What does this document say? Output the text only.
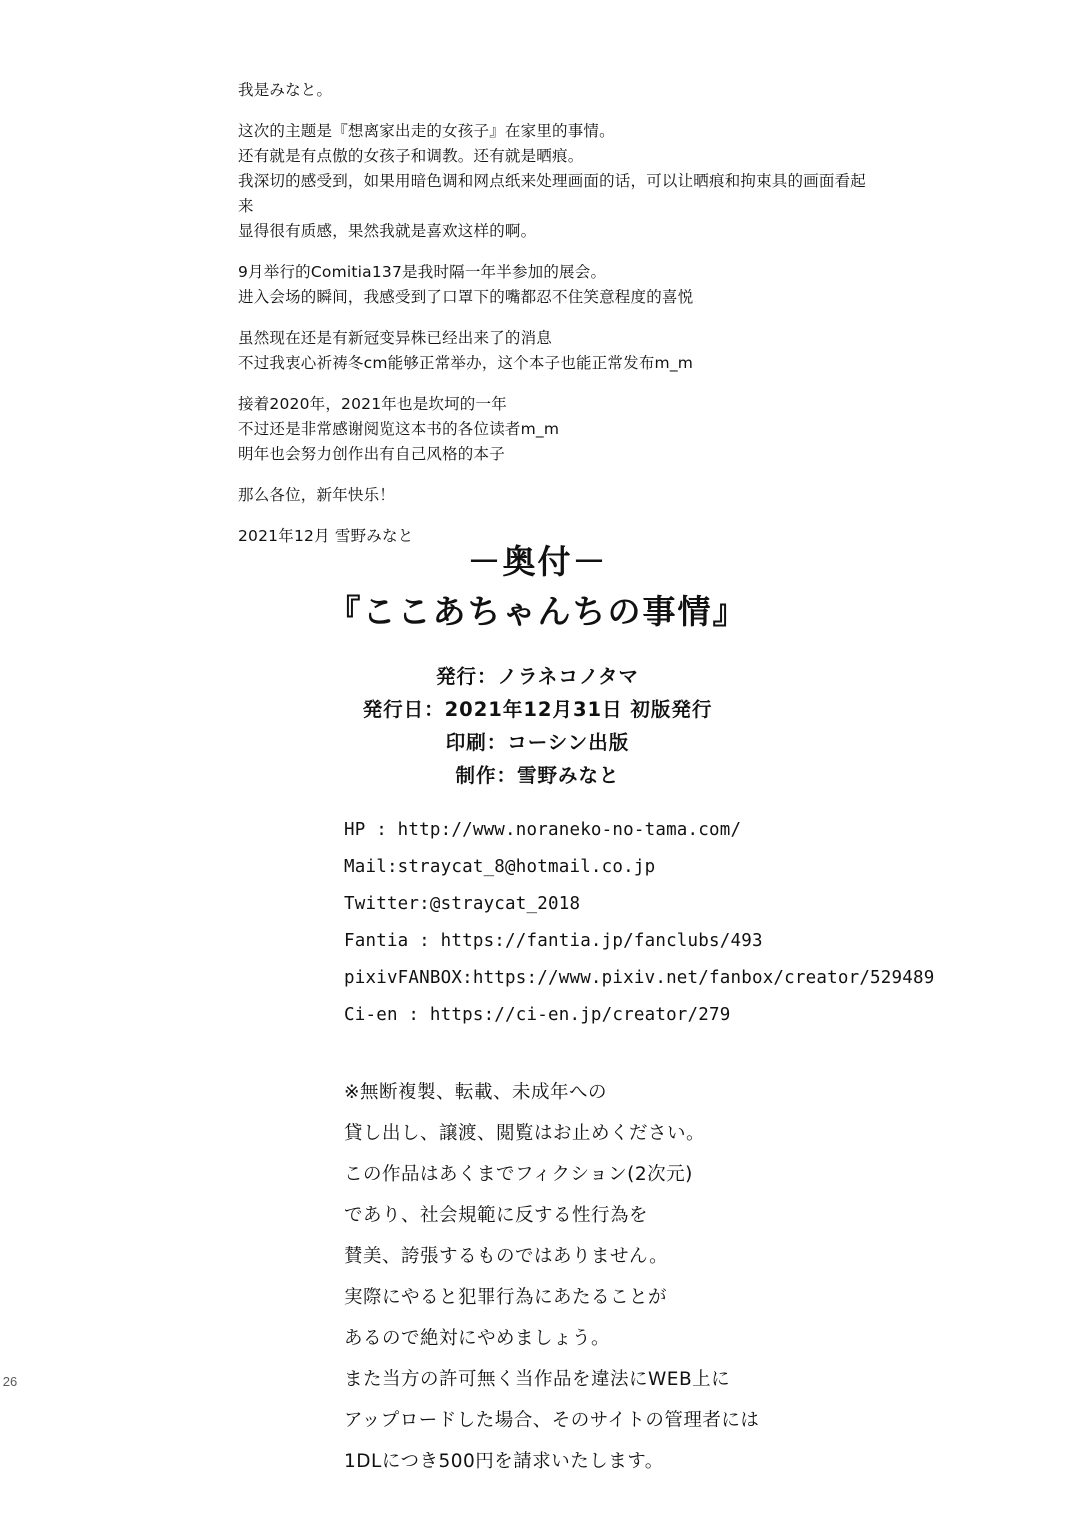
26

我是みなと。

这次的主题是『想离家出走的女孩子』在家里的事情。
还有就是有点傲的女孩子和调教。还有就是晒痕。
我深切的感受到，如果用暗色调和网点纸来处理画面的话，可以让晒痕和拘束具的画面看起来
显得很有质感，果然我就是喜欢这样的啊。

9月举行的Comitia137是我时隔一年半参加的展会。
进入会场的瞬间，我感受到了口罩下的嘴都忍不住笑意程度的喜悦

虽然现在还是有新冠变异株已经出来了的消息
不过我衷心祈祷冬cm能够正常举办，这个本子也能正常发布m_m

接着2020年，2021年也是坎坷的一年
不过还是非常感谢阅览这本书的各位读者m_m
明年也会努力创作出有自己风格的本子

那么各位，新年快乐！

2021年12月 雪野みなと

－奥付－
『ここあちゃんちの事情』
発行：ノラネコノタマ
発行日：2021年12月31日 初版発行
印刷：コーシン出版
制作：雪野みなと
HP : http://www.noraneko-no-tama.com/
Mail:straycat_8@hotmail.co.jp
Twitter:@straycat_2018
Fantia : https://fantia.jp/fanclubs/493
pixivFANBOX:https://www.pixiv.net/fanbox/creator/529489
Ci-en : https://ci-en.jp/creator/279
※無断複製、転載、未成年への
貸し出し、譲渡、閲覧はお止めください。
この作品はあくまでフィクション(2次元)
であり、社会規範に反する性行為を
賛美、誇張するものではありません。
実際にやると犯罪行為にあたることが
あるので絶対にやめましょう。
また当方の許可無く当作品を違法にWEB上に
アップロードした場合、そのサイトの管理者には
1DLにつき500円を請求いたします。
